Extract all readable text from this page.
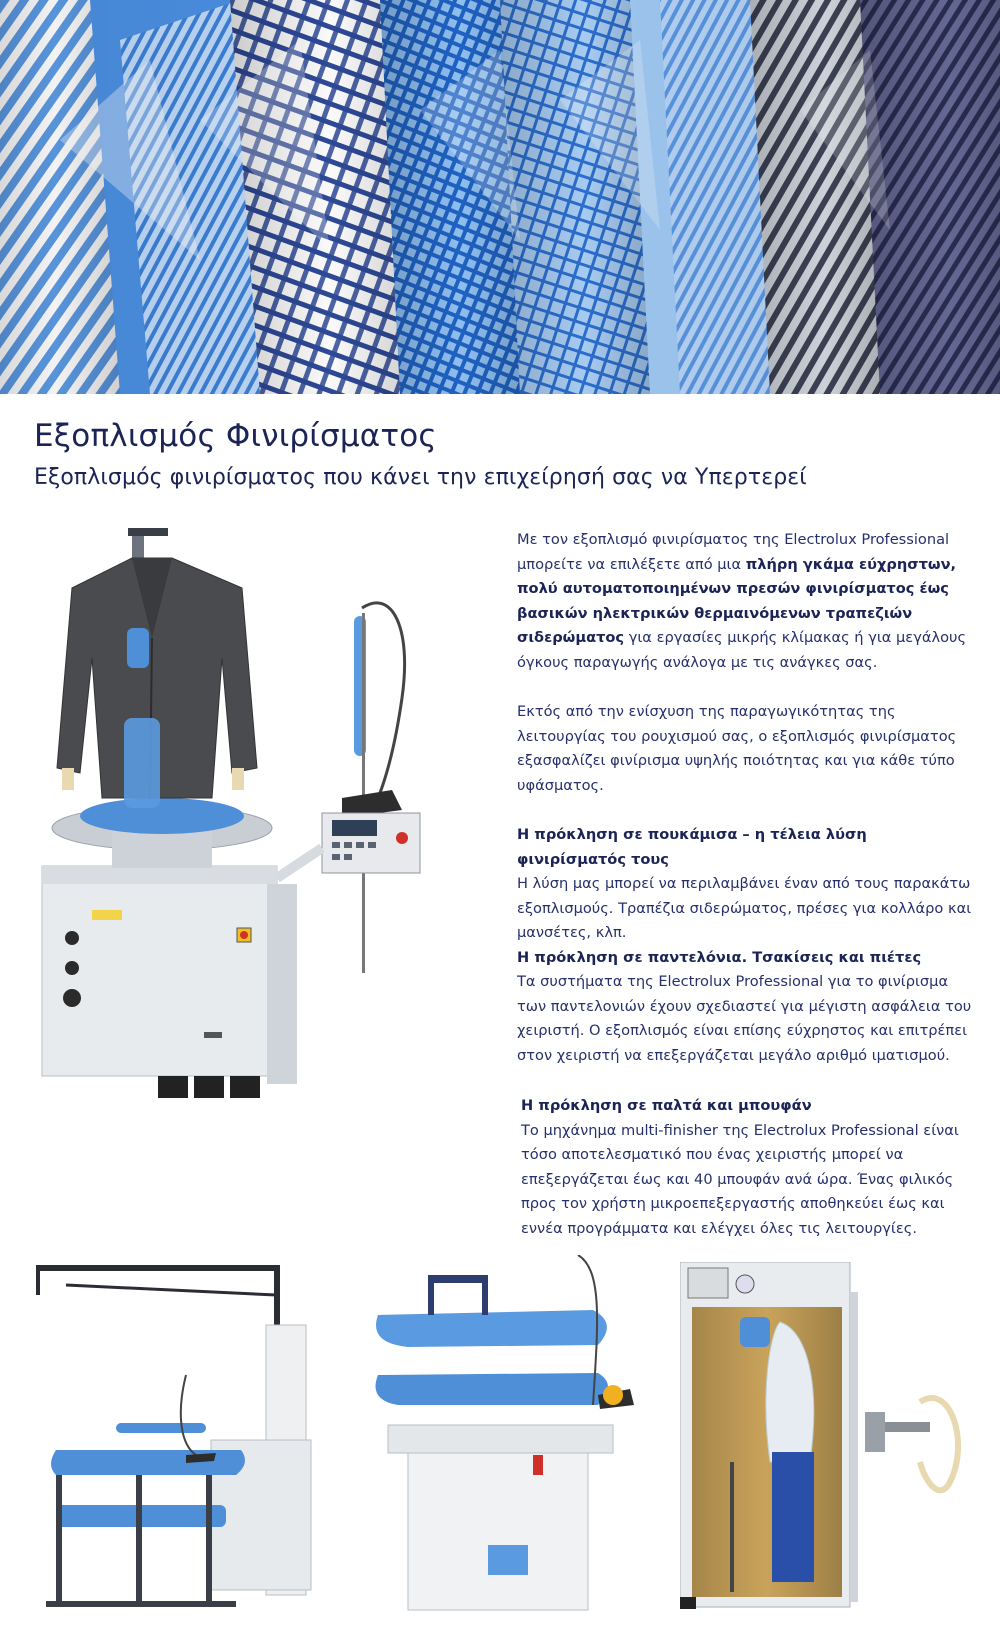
Εξοπλισμός Φινιρίσματος
Εξοπλισμός φινιρίσματος που κάνει την επιχείρησή σας να Υπερτερεί

Με τον εξοπλισμό φινιρίσματος της Electrolux Professional μπορείτε να επιλέξετε από μια πλήρη γκάμα εύχρηστων, πολύ αυτοματοποιημένων πρεσών φινιρίσματος έως βασικών ηλεκτρικών θερμαινόμενων τραπεζιών σιδερώματος για εργασίες μικρής κλίμακας ή για μεγάλους όγκους παραγωγής ανάλογα με τις ανάγκες σας.

Εκτός από την ενίσχυση της παραγωγικότητας της λειτουργίας του ρουχισμού σας, ο εξοπλισμός φινιρίσματος εξασφαλίζει φινίρισμα υψηλής ποιότητας και για κάθε τύπο υφάσματος.

Η πρόκληση σε πουκάμισα – η τέλεια λύση φινιρίσματός τους
Η λύση μας μπορεί να περιλαμβάνει έναν από τους παρακάτω εξοπλισμούς. Τραπέζια σιδερώματος, πρέσες για κολλάρο και μανσέτες, κλπ.
Η πρόκληση σε παντελόνια. Τσακίσεις και πιέτες
Τα συστήματα της Electrolux Professional για το φινίρισμα των παντελονιών έχουν σχεδιαστεί για μέγιστη ασφάλεια του χειριστή. Ο εξοπλισμός είναι επίσης εύχρηστος και επιτρέπει στον χειριστή να επεξεργάζεται μεγάλο αριθμό ιματισμού.
Η πρόκληση σε παλτά και μπουφάν
Το μηχάνημα multi-finisher της Electrolux Professional είναι τόσο αποτελεσματικό που ένας χειριστής μπορεί να επεξεργάζεται έως και 40 μπουφάν ανά ώρα. Ένας φιλικός προς τον χρήστη μικροεπεξεργαστής αποθηκεύει έως και εννέα προγράμματα και ελέγχει όλες τις λειτουργίες.
